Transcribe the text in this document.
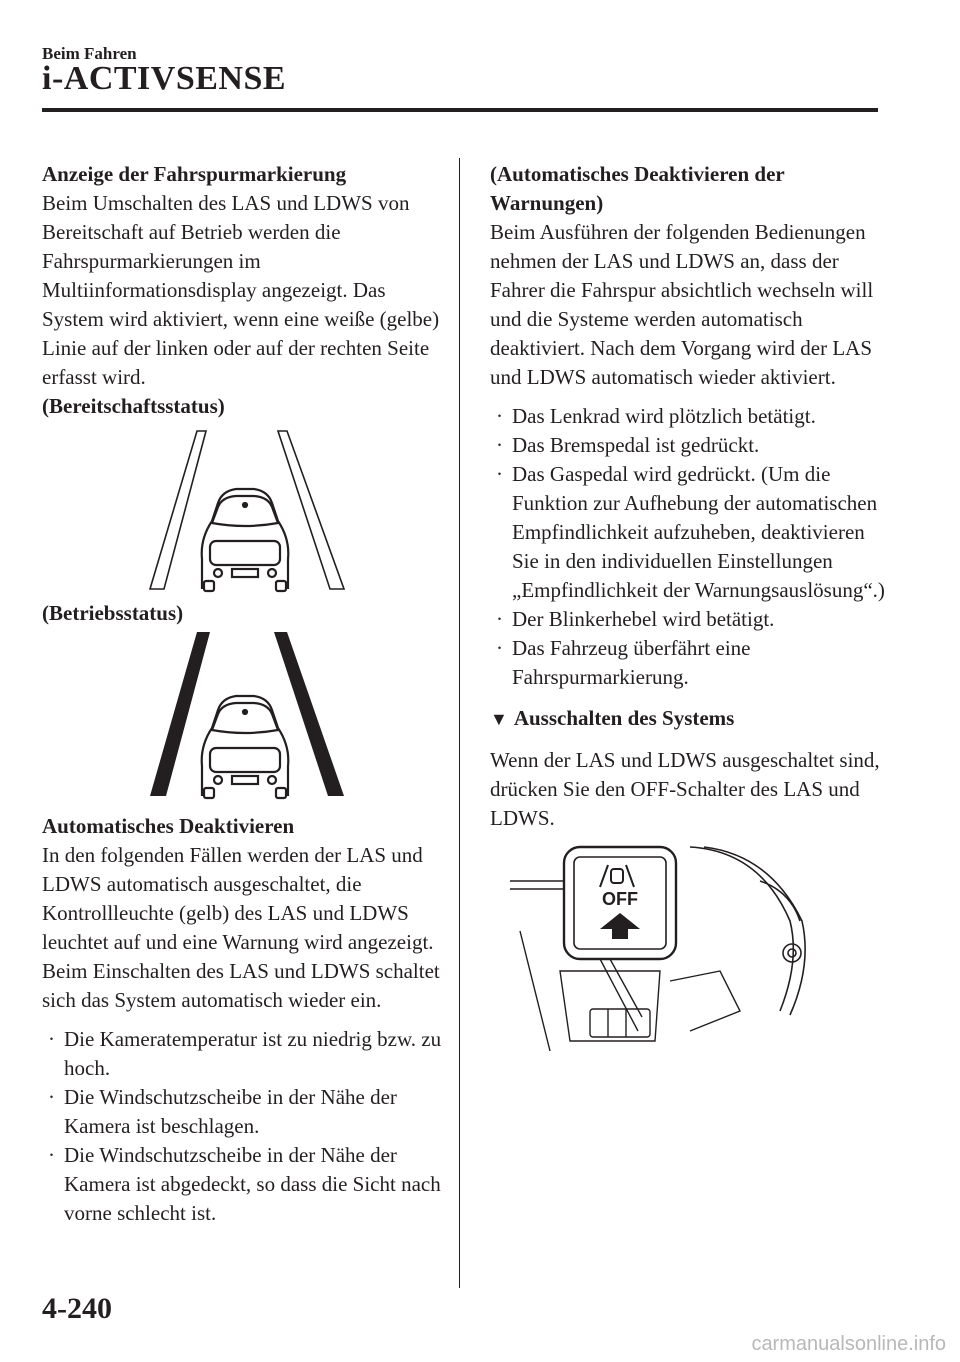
Beim Fahren
i-ACTIVSENSE

Anzeige der Fahrspurmarkierung

Beim Umschalten des LAS und LDWS von Bereitschaft auf Betrieb werden die Fahrspurmarkierungen im Multiinformationsdisplay angezeigt. Das System wird aktiviert, wenn eine weiße (gelbe) Linie auf der linken oder auf der rechten Seite erfasst wird.

(Bereitschaftsstatus)

(Betriebsstatus)

Automatisches Deaktivieren

In den folgenden Fällen werden der LAS und LDWS automatisch ausgeschaltet, die Kontrollleuchte (gelb) des LAS und LDWS leuchtet auf und eine Warnung wird angezeigt. Beim Einschalten des LAS und LDWS schaltet sich das System automatisch wieder ein.

· Die Kameratemperatur ist zu niedrig bzw. zu hoch.
· Die Windschutzscheibe in der Nähe der Kamera ist beschlagen.
· Die Windschutzscheibe in der Nähe der Kamera ist abgedeckt, so dass die Sicht nach vorne schlecht ist.

(Automatisches Deaktivieren der Warnungen)

Beim Ausführen der folgenden Bedienungen nehmen der LAS und LDWS an, dass der Fahrer die Fahrspur absichtlich wechseln will und die Systeme werden automatisch deaktiviert. Nach dem Vorgang wird der LAS und LDWS automatisch wieder aktiviert.

· Das Lenkrad wird plötzlich betätigt.
· Das Bremspedal ist gedrückt.
· Das Gaspedal wird gedrückt. (Um die Funktion zur Aufhebung der automatischen Empfindlichkeit aufzuheben, deaktivieren Sie in den individuellen Einstellungen „Empfindlichkeit der Warnungsauslösung“.)
· Der Blinkerhebel wird betätigt.
· Das Fahrzeug überfährt eine Fahrspurmarkierung.

▼ Ausschalten des Systems

Wenn der LAS und LDWS ausgeschaltet sind, drücken Sie den OFF-Schalter des LAS und LDWS.

OFF
4-240
carmanualsonline.info
